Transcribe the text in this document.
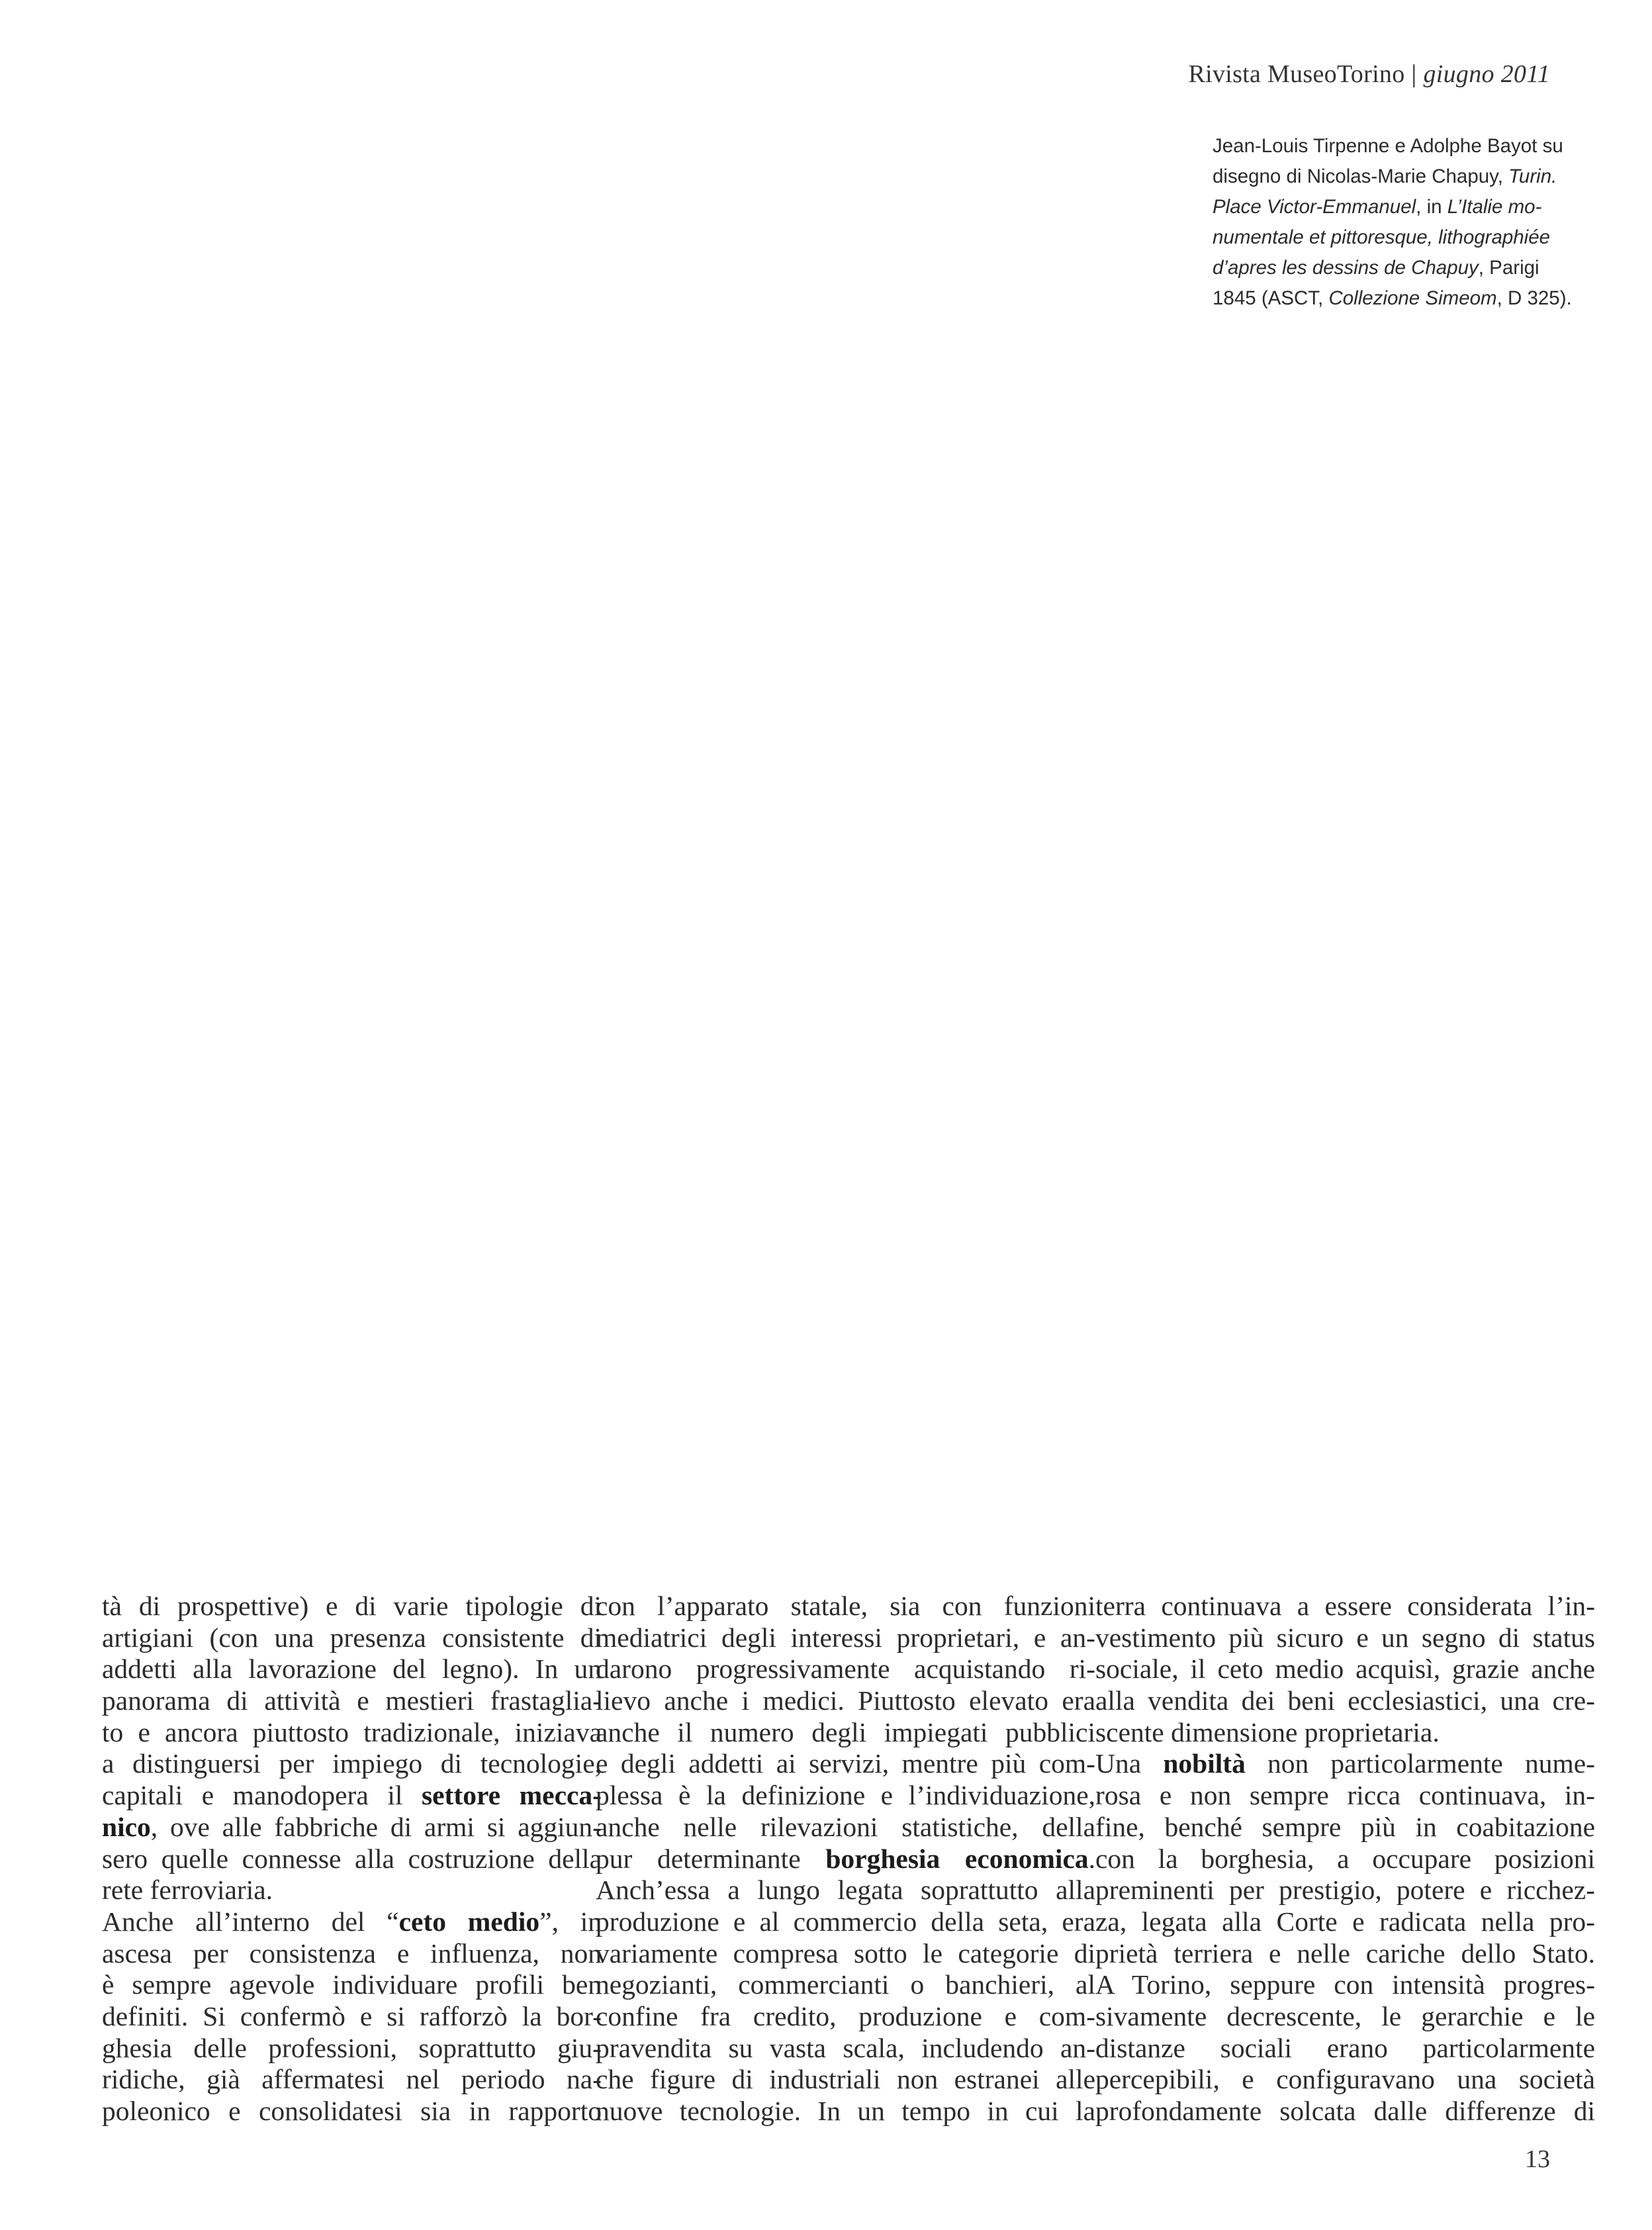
Rivista MuseoTorino | giugno 2011
Jean-Louis Tirpenne e Adolphe Bayot su
disegno di Nicolas-Marie Chapuy, Turin.
Place Victor-Emmanuel, in L’Italie mo-
numentale et pittoresque, lithographiée
d’apres les dessins de Chapuy, Parigi
1845 (ASCT, Collezione Simeom, D 325).
tà di prospettive) e di varie tipologie di
artigiani (con una presenza consistente di
addetti alla lavorazione del legno). In un
panorama di attività e mestieri frastaglia-
to e ancora piuttosto tradizionale, iniziava
a distinguersi per impiego di tecnologie,
capitali e manodopera il settore mecca-
nico, ove alle fabbriche di armi si aggiun-
sero quelle connesse alla costruzione della
rete ferroviaria.
Anche all’interno del “ceto medio”, in
ascesa per consistenza e influenza, non
è sempre agevole individuare profili ben
definiti. Si confermò e si rafforzò la bor-
ghesia delle professioni, soprattutto giu-
ridiche, già affermatesi nel periodo na-
poleonico e consolidatesi sia in rapporto
con l’apparato statale, sia con funzioni
mediatrici degli interessi proprietari, e an-
darono progressivamente acquistando ri-
lievo anche i medici. Piuttosto elevato era
anche il numero degli impiegati pubblici
e degli addetti ai servizi, mentre più com-
plessa è la definizione e l’individuazione,
anche nelle rilevazioni statistiche, della
pur determinante borghesia economica.
Anch’essa a lungo legata soprattutto alla
produzione e al commercio della seta, era
variamente compresa sotto le categorie di
negozianti, commercianti o banchieri, al
confine fra credito, produzione e com-
pravendita su vasta scala, includendo an-
che figure di industriali non estranei alle
nuove tecnologie. In un tempo in cui la
terra continuava a essere considerata l’in-
vestimento più sicuro e un segno di status
sociale, il ceto medio acquisì, grazie anche
alla vendita dei beni ecclesiastici, una cre-
scente dimensione proprietaria.
Una nobiltà non particolarmente nume-
rosa e non sempre ricca continuava, in-
fine, benché sempre più in coabitazione
con la borghesia, a occupare posizioni
preminenti per prestigio, potere e ricchez-
za, legata alla Corte e radicata nella pro-
prietà terriera e nelle cariche dello Stato.
A Torino, seppure con intensità progres-
sivamente decrescente, le gerarchie e le
distanze sociali erano particolarmente
percepibili, e configuravano una società
profondamente solcata dalle differenze di
13
